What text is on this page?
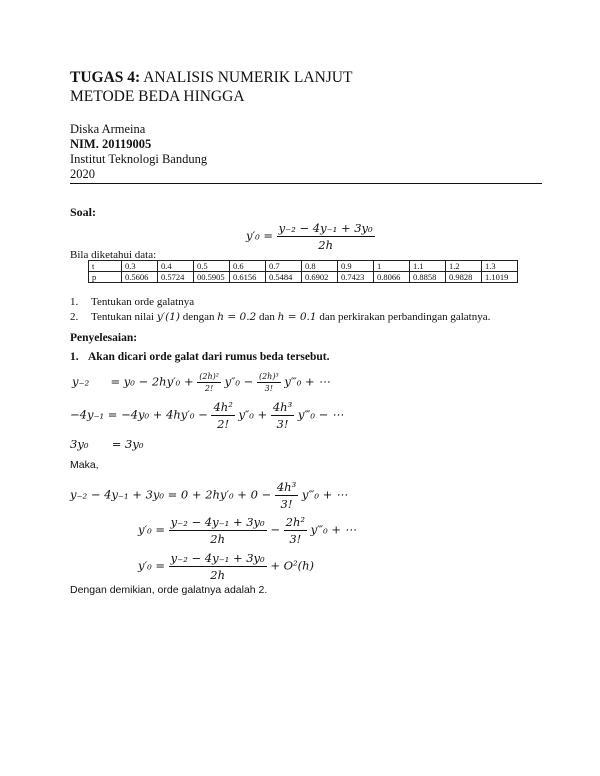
TUGAS 4: ANALISIS NUMERIK LANJUT
METODE BEDA HINGGA
Diska Armeina
NIM. 20119005
Institut Teknologi Bandung
2020
Soal:
$y'_0 = \frac{\text{y₋₂ − 4y₋₁ + 3y₀}}{2h}$
Bila diketahui data:
t	0.3	0.4	0.5	0.6	0.7	0.8	0.9	1	1.1	1.2	1.3
p	0.5606	0.5724	00.5905	0.6156	0.5484	0.6902	0.7423	0.8066	0.8858	0.9828	1.1019
1. Tentukan orde galatnya
2. Tentukan nilai y′(1) dengan h = 0.2 dan h = 0.1 dan perkirakan perbandingan galatnya.
Penyelesaian:
1. Akan dicari orde galat dari rumus beda tersebut.
$y_{-2} = y_0 - 2hy'_0 + \frac{\text{(2h)²}}{2!} y''_0 - \frac{\text{(2h)³}}{3!}$ y‴₀ + ⋯
$-4y_{-1} = -4y_0 + 4hy'_0 - \frac{\text{4h²}}{2!} y''_0 + \frac{\text{4h³}}{3!}$ y‴₀ − ⋯
3y₀ = 3y₀
Maka,
$y_{-2} - 4y_{-1} + 3y_0 = 0 + 2hy'_0 + 0 - \frac{\text{4h³}}{3!}$ y‴₀ + ⋯
$y'_0 = \frac{\text{y₋₂ − 4y₋₁ + 3y₀}}{2h} - \frac{\text{2h²}}{3!}$ y‴₀ + ⋯
$y'_0 = \frac{\text{y₋₂ − 4y₋₁ + 3y₀}}{2h} + O^2(h)$
Dengan demikian, orde galatnya adalah 2.
